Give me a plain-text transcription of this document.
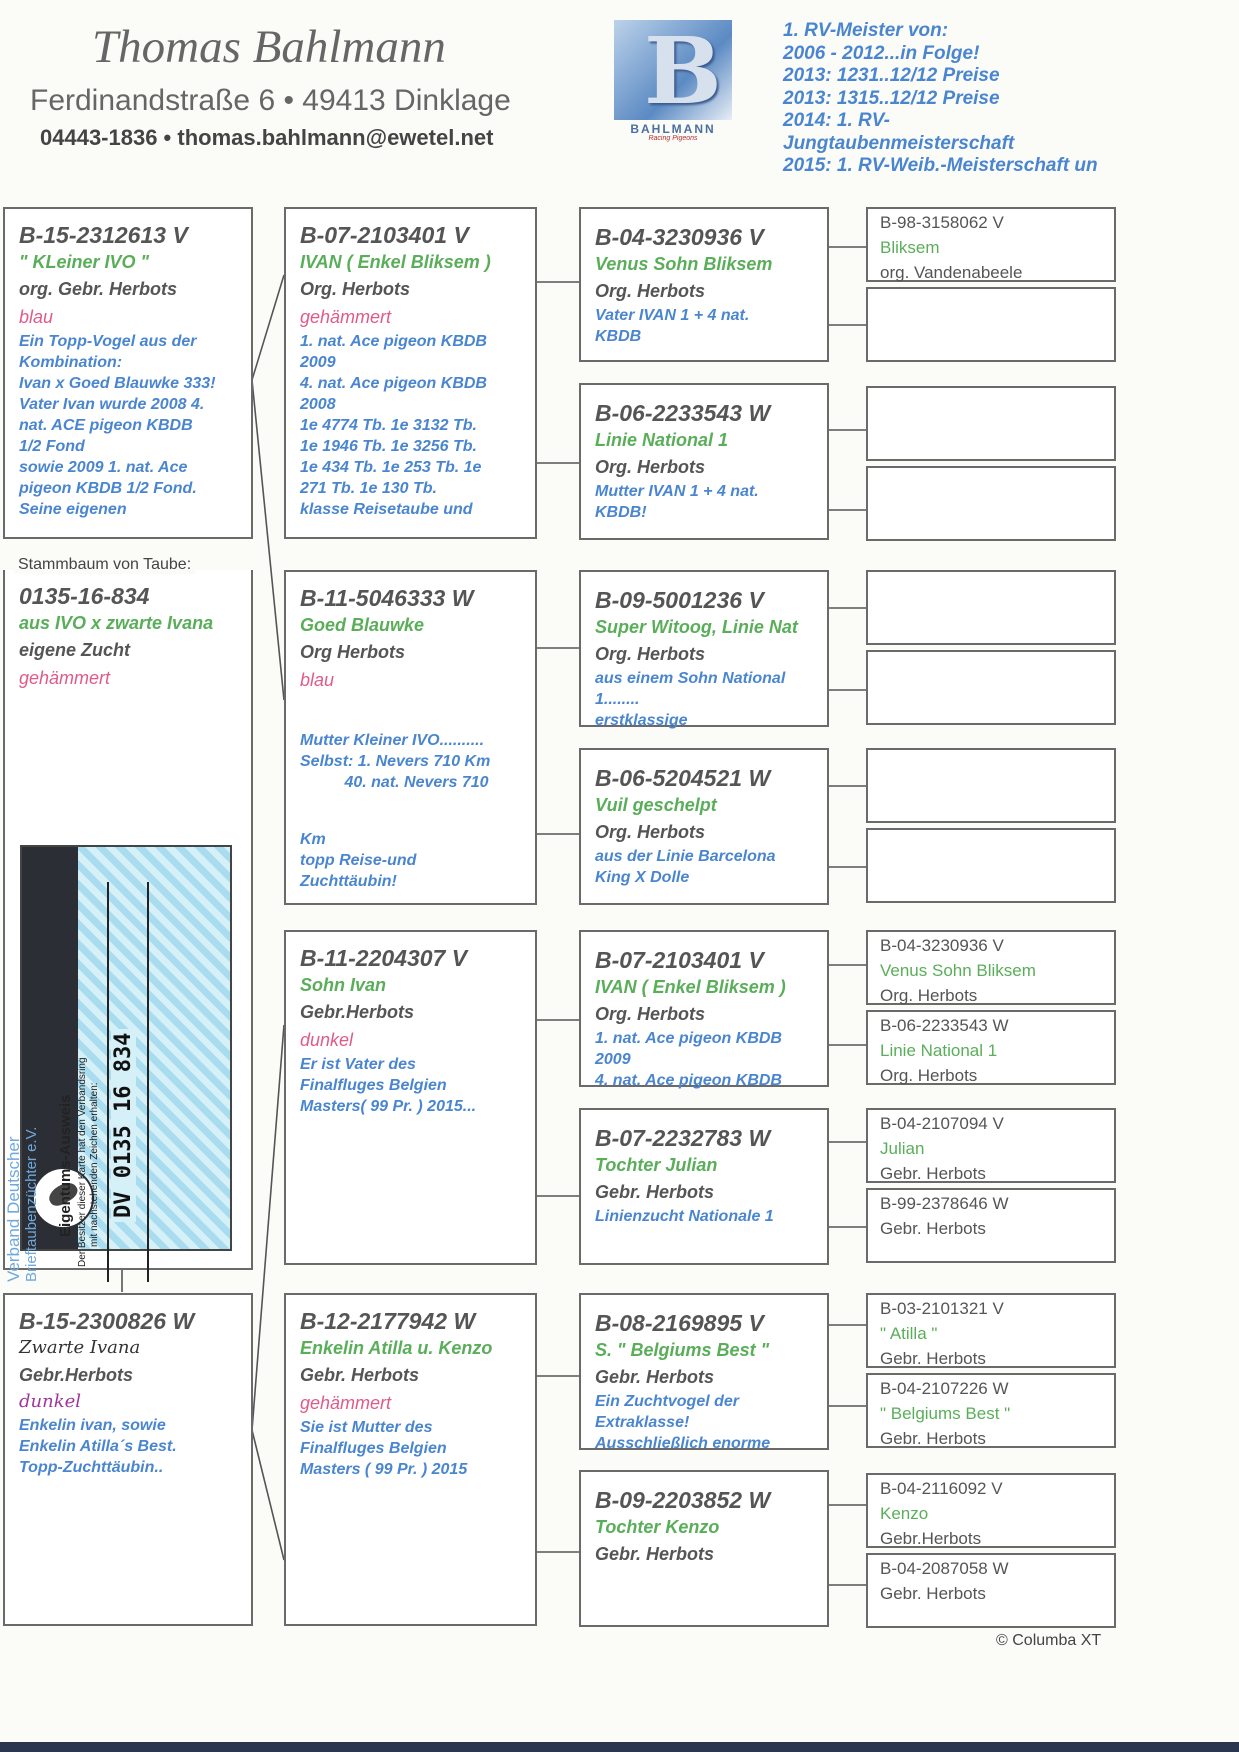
Thomas Bahlmann
Ferdinandstraße 6 • 49413 Dinklage
04443-1836 • thomas.bahlmann@ewetel.net
B
BAHLMANN
Racing Pigeons
1. RV-Meister von:
2006 - 2012...in Folge!
2013: 1231..12/12 Preise
2013: 1315..12/12 Preise
2014: 1. RV-
Jungtaubenmeisterschaft
2015: 1. RV-Weib.-Meisterschaft un
B-15-2312613 V
" KLeiner IVO "
org. Gebr. Herbots
blau
Ein Topp-Vogel aus der
Kombination:
Ivan x Goed Blauwke 333!
Vater Ivan wurde 2008 4.
nat. ACE pigeon KBDB
1/2 Fond
sowie 2009 1. nat. Ace
pigeon KBDB 1/2 Fond.
Seine eigenen
0135-16-834
aus IVO x zwarte Ivana
eigene Zucht
gehämmert
Stammbaum von Taube:
Verband Deutscher Brieftaubenzüchter e.V. Eigentums-Ausweis Der Besitzer dieser Karte hat den Verbandsring mit nachstehenden Zeichen erhalten: DV 0135 16 834
B-15-2300826 W
Zwarte Ivana
Gebr.Herbots
dunkel
Enkelin ivan, sowie
Enkelin Atilla´s Best.
Topp-Zuchttäubin..
B-07-2103401 V
IVAN ( Enkel Bliksem )
Org. Herbots
gehämmert
1. nat. Ace pigeon KBDB
2009
4. nat. Ace pigeon KBDB
2008
1e 4774 Tb. 1e 3132 Tb.
1e 1946 Tb. 1e 3256 Tb.
1e 434 Tb. 1e 253 Tb. 1e
271 Tb. 1e 130 Tb.
klasse Reisetaube und
B-11-5046333 W
Goed Blauwke
Org Herbots
blau

Mutter Kleiner IVO..........
Selbst: 1. Nevers 710 Km
40. nat. Nevers 710

Km
topp Reise-und
Zuchttäubin!

B-11-2204307 V
Sohn Ivan
Gebr.Herbots
dunkel
Er ist Vater des
Finalfluges Belgien
Masters( 99 Pr. ) 2015...
B-12-2177942 W
Enkelin Atilla u. Kenzo
Gebr. Herbots
gehämmert
Sie ist Mutter des
Finalfluges Belgien
Masters ( 99 Pr. ) 2015
B-04-3230936 V
Venus Sohn Bliksem
Org. Herbots
Vater IVAN 1 + 4 nat.
KBDB
B-06-2233543 W
Linie National 1
Org. Herbots
Mutter IVAN 1 + 4 nat.
KBDB!
B-09-5001236 V
Super Witoog, Linie Nat
Org. Herbots
aus einem Sohn National
1........
erstklassige
B-06-5204521 W
Vuil geschelpt
Org. Herbots
aus der Linie Barcelona
King X Dolle
B-07-2103401 V
IVAN ( Enkel Bliksem )
Org. Herbots
1. nat. Ace pigeon KBDB
2009
4. nat. Ace pigeon KBDB
B-07-2232783 W
Tochter Julian
Gebr. Herbots
Linienzucht Nationale 1
B-08-2169895 V
S. " Belgiums Best "
Gebr. Herbots
Ein Zuchtvogel der
Extraklasse!
Ausschließlich enorme
B-09-2203852 W
Tochter Kenzo
Gebr. Herbots
B-98-3158062 V
Bliksem
org. Vandenabeele
B-04-3230936 V
Venus Sohn Bliksem
Org. Herbots
B-06-2233543 W
Linie National 1
Org. Herbots
B-04-2107094 V
Julian
Gebr. Herbots
B-99-2378646 W
Gebr. Herbots
B-03-2101321 V
" Atilla "
Gebr. Herbots
B-04-2107226 W
" Belgiums Best "
Gebr. Herbots
B-04-2116092 V
Kenzo
Gebr.Herbots
B-04-2087058 W
Gebr. Herbots
© Columba XT
